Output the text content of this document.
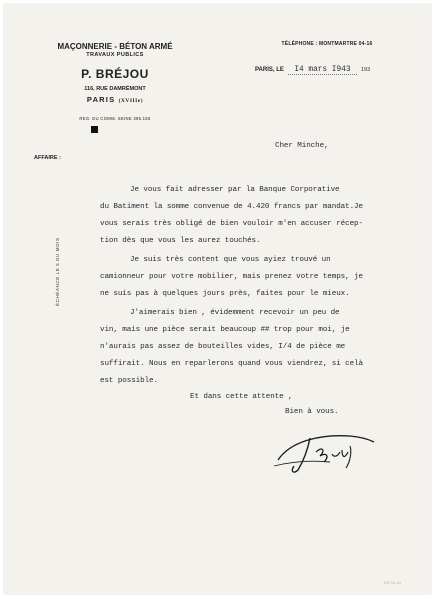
MAÇONNERIE - BÉTON ARMÉ
TRAVAUX PUBLICS
P. BRÉJOU
116, RUE DAMRÉMONT
PARIS (XVIIIe)
REG. DU COMM. SEINE 395.155
TÉLÉPHONE : MONTMARTRE 04-16
PARIS, LE I4 mars I943 193
AFFAIRE :
ÉCHÉANCE LE 5 DU MOIS
Cher Minche,
Je vous fait adresser par la Banque Corporative
du Batiment la somme convenue de 4.420 francs par mandat.Je
vous serais très obligé de bien vouloir m'en accuser récep-
tion dès que vous les aurez touchés.
Je suis très content que vous ayiez trouvé un
camionneur pour votre mobilier, mais prenez votre temps, je
ne suis pas à quelques jours près, faites pour le mieux.
J'aimerais bien , évidemment recevoir un peu de
vin, mais une pièce serait beaucoup ## trop pour moi, je
n'aurais pas assez de bouteilles vides, I/4 de pièce me
suffirait. Nous en reparlerons quand vous viendrez, si celà
est possible.
Et dans cette attente ,
Bien à vous.
DR.16.24
